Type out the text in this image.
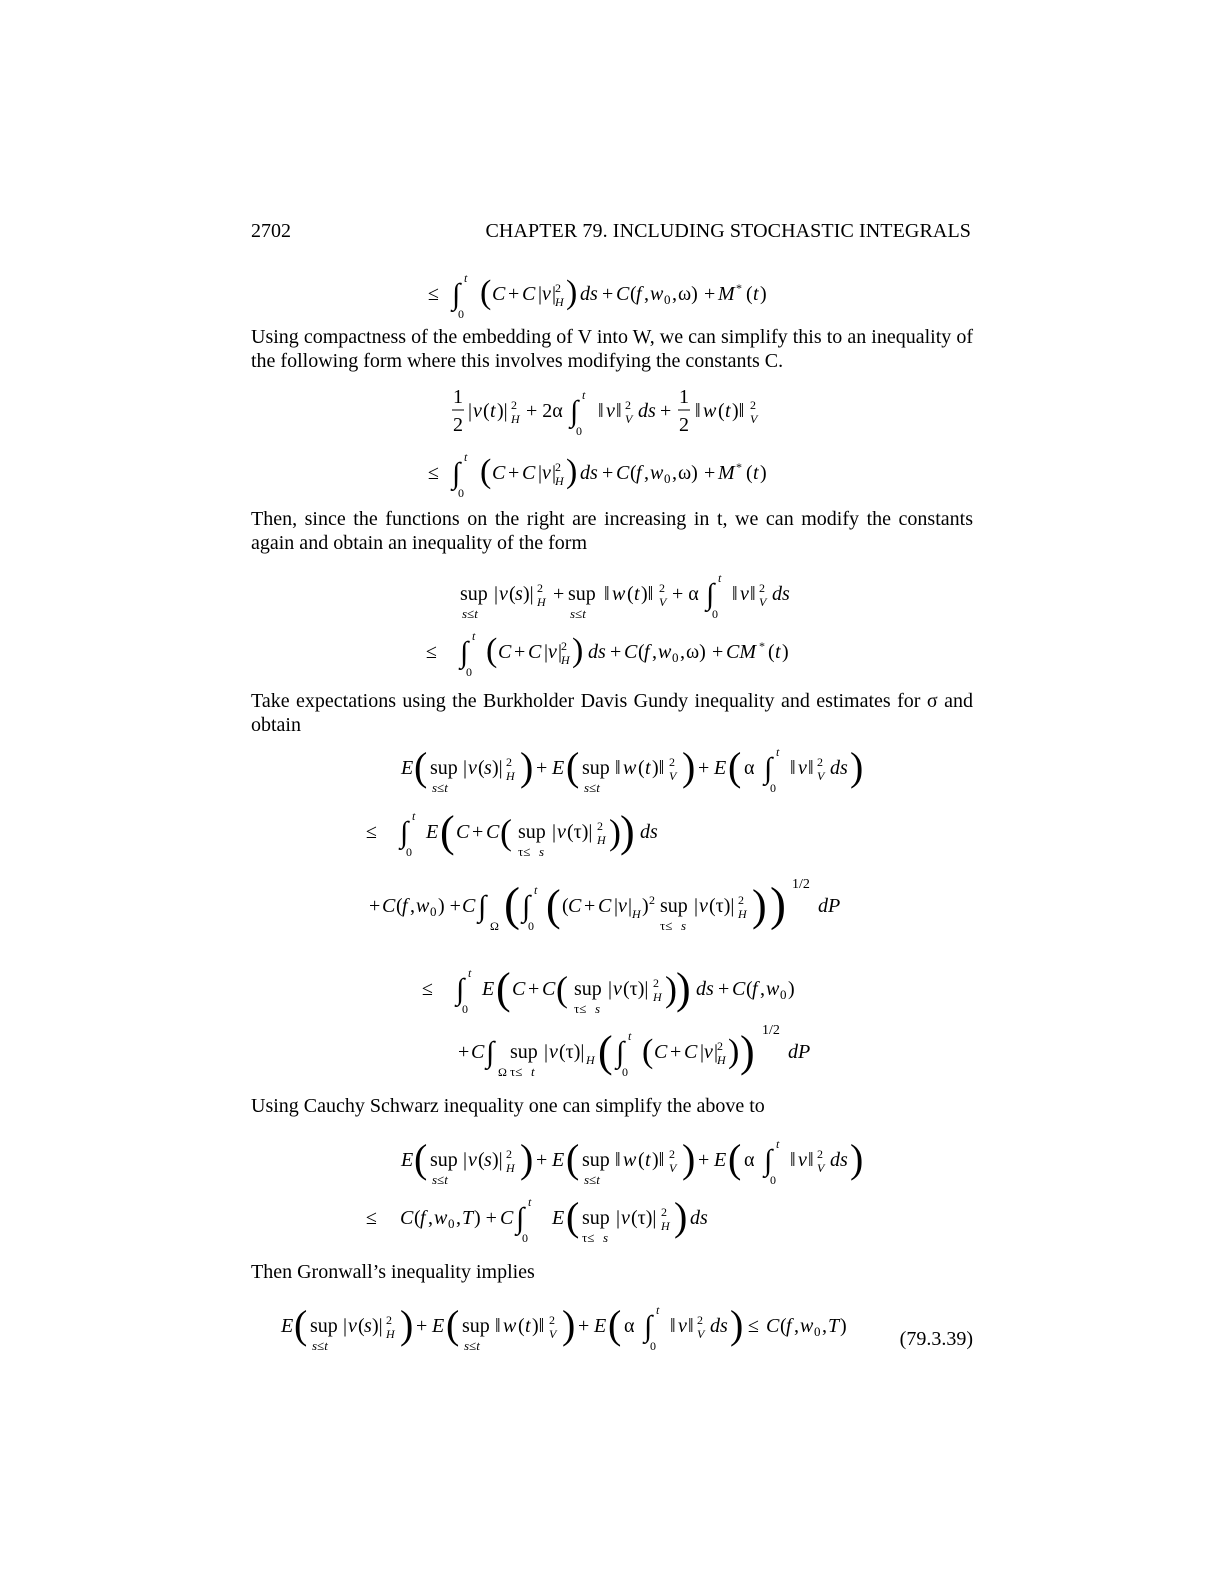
2702	CHAPTER 79. INCLUDING STOCHASTIC INTEGRALS
≤ ∫ t
0
( C + C | v |
2
H ) ds + C ( f , w 0 , ω) + M * ( t )

Using compactness of the embedding of V into W, we can simplify this to an inequality of the following form where this involves modifying the constants C.

1
2
| v ( t )| 2
H + 2α ∫ t
0
‖ v ‖ 2
V ds +
1
2
‖ w ( t )‖ 2
V
≤ ∫ t
0
( C + C | v |
2
H ) ds + C ( f , w 0 , ω) + M * ( t )

Then, since the functions on the right are increasing in t, we can modify the constants again and obtain an inequality of the form

sup
s≤t
| v ( s )| 2
H + sup
s≤t
‖ w ( t )‖ 2
V + α ∫ t
0
‖ v ‖ 2
V ds
≤ ∫ t
0
( C + C | v |
2
H ) ds + C ( f , w 0 , ω) + CM * ( t )

Take expectations using the Burkholder Davis Gundy inequality and estimates for σ and obtain

E ( sup
s≤t
| v ( s )| 2
H ) + E ( sup
s≤t
‖ w ( t )‖ 2
V ) + E ( α ∫ t
0
‖ v ‖ 2
V ds )
≤ ∫ t
0
E ( C + C ( sup
τ≤ s
| v (τ)| 2
H ) ) ds
+ C ( f , w 0 ) + C ∫
Ω ( ∫ t
0 ( ( C + C | v | H ) 2 sup
τ≤ s
| v (τ)| 2
H ) ) 1/2
dP
≤ ∫ t
0
E ( C + C ( sup
τ≤ s
| v (τ)| 2
H ) ) ds + C ( f , w 0 )
+ C ∫
Ω
sup
τ≤ t
| v (τ)| H ( ∫ t
0
( C + C | v |
2
H ) ) 1/2
dP

Using Cauchy Schwarz inequality one can simplify the above to

E ( sup
s≤t
| v ( s )| 2
H ) + E ( sup
s≤t
‖ w ( t )‖ 2
V ) + E ( α ∫ t
0
‖ v ‖ 2
V ds )
≤ C ( f , w 0 , T ) + C ∫ t
0
E ( sup
τ≤ s
| v (τ)| 2
H ) ds

Then Gronwall’s inequality implies

E ( sup
s≤t
| v ( s )| 2
H ) + E ( sup
s≤t
‖ w ( t )‖ 2
V ) + E ( α ∫ t
0
‖ v ‖ 2
V ds ) ≤ C ( f , w 0 , T )
(79.3.39)
